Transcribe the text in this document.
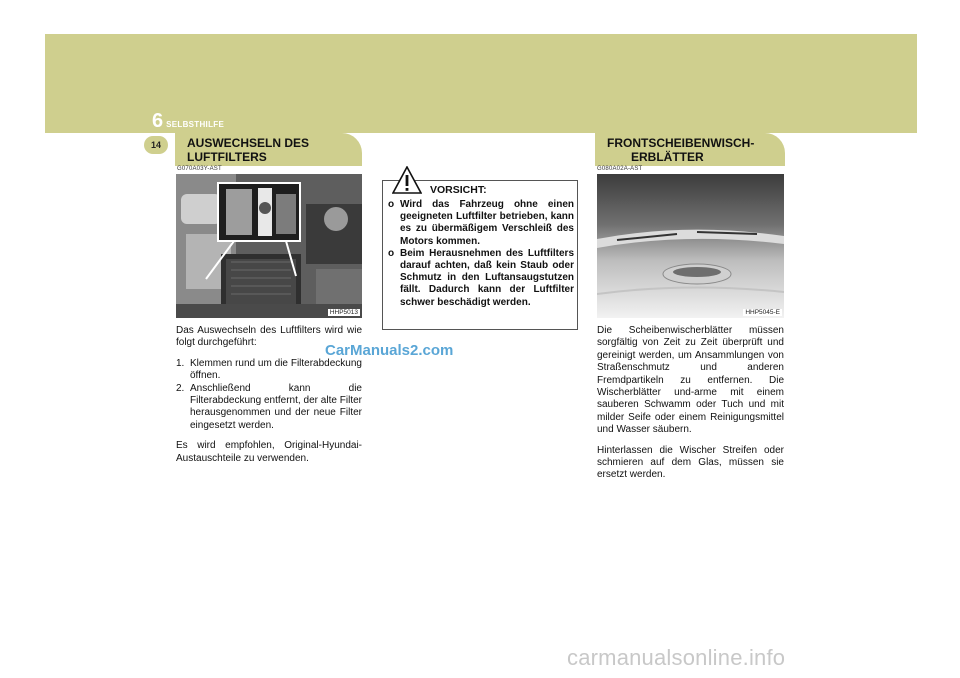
6 SELBSTHILFE
14	AUSWECHSELN DES
LUFTFILTERS
G070A03Y-AST
HHP5013

Das Auswechseln des Luftfilters wird wie folgt durchgeführt:

1. Klemmen rund um die Filterabdeckung öffnen.
2. Anschließend kann die Filterabdeckung entfernt, der alte Filter herausgenommen und der neue Filter eingesetzt werden.

Es wird empfohlen, Original-Hyundai-Austauschteile zu verwenden.

VORSICHT:
o Wird das Fahrzeug ohne einen geeigneten Luftfilter betrieben, kann es zu übermäßigem Verschleiß des Motors kommen.
o Beim Herausnehmen des Luftfilters darauf achten, daß kein Staub oder Schmutz in den Luftansaugstutzen fällt. Dadurch kann der Luftfilter schwer beschädigt werden.
CarManuals2.com
FRONTSCHEIBENWISCH-
ERBLÄTTER
G080A02A-AST
HHP5045-E

Die Scheibenwischerblätter müssen sorgfältig von Zeit zu Zeit überprüft und gereinigt werden, um Ansammlungen von Straßenschmutz und anderen Fremdpartikeln zu entfernen. Die Wischerblätter und-arme mit einem sauberen Schwamm oder Tuch und mit milder Seife oder einem Reinigungsmittel und Wasser säubern.

Hinterlassen die Wischer Streifen oder schmieren auf dem Glas, müssen sie ersetzt werden.

carmanualsonline.info
